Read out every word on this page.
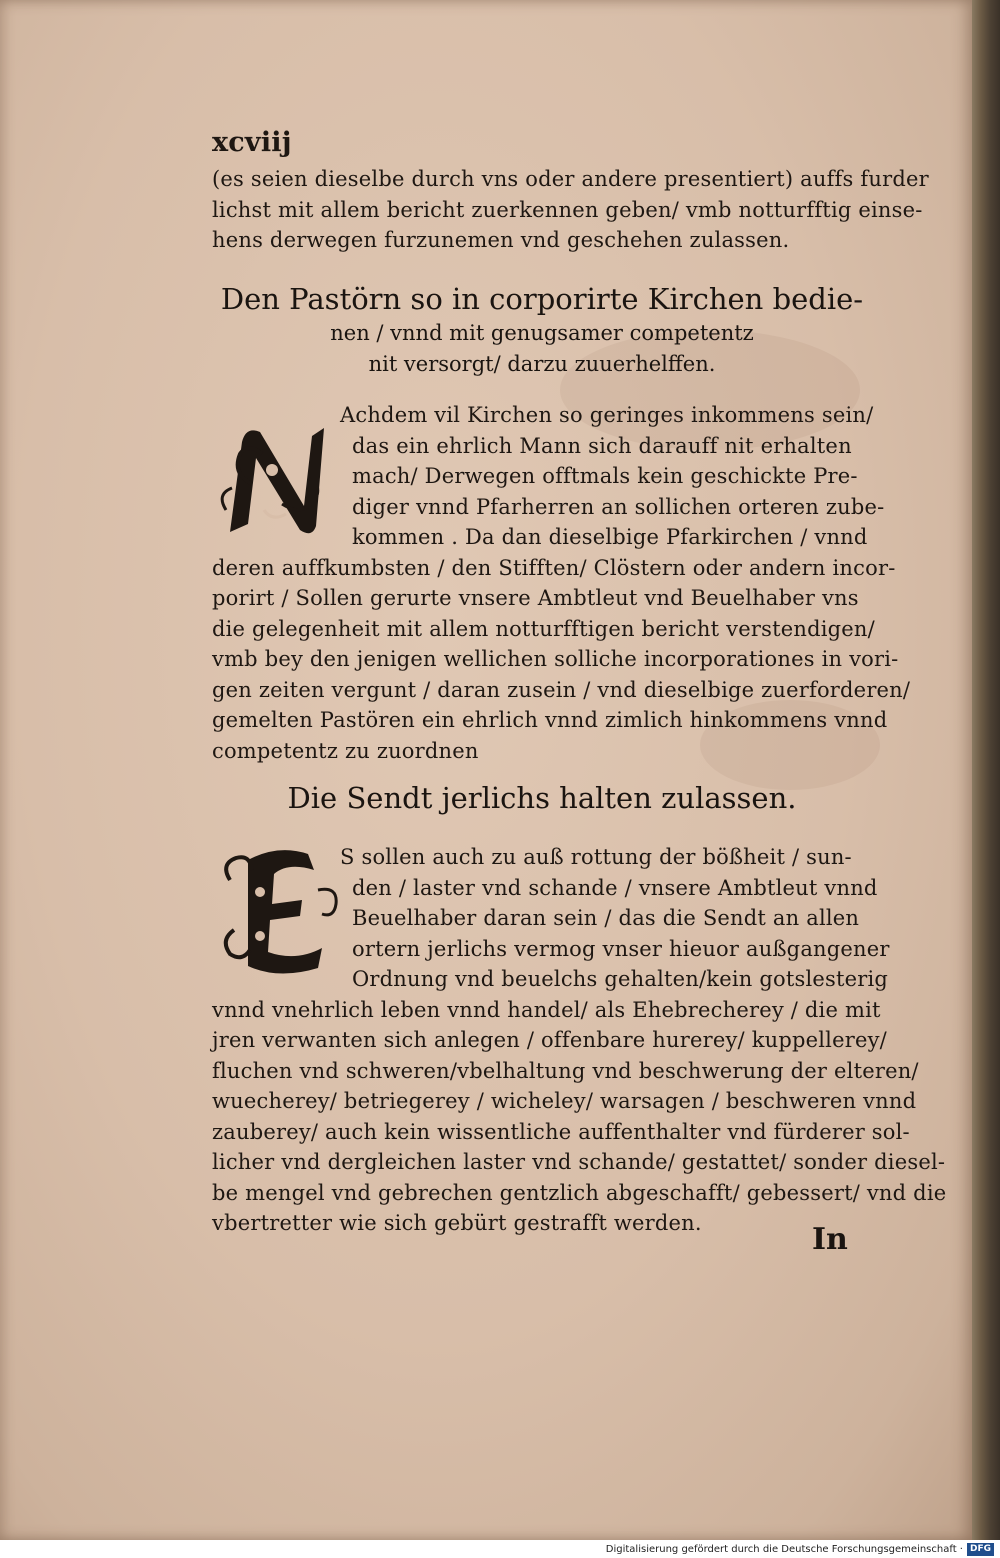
xcviij
(es seien dieselbe durch vns oder andere presentiert) auffs furder
lichst mit allem bericht zuerkennen geben/ vmb notturfftig einse-
hens derwegen furzunemen vnd geschehen zulassen.
Den Pastörn so in corporirte Kirchen bedie-
nen / vnnd mit genugsamer competentz
nit versorgt/ darzu zuuerhelffen.
Achdem vil Kirchen so geringes inkommens sein/
das ein ehrlich Mann sich darauff nit erhalten
mach/ Derwegen offtmals kein geschickte Pre-
diger vnnd Pfarherren an sollichen orteren zube-
kommen . Da dan dieselbige Pfarkirchen / vnnd
deren auffkumbsten / den Stifften/ Clöstern oder andern incor-
porirt / Sollen gerurte vnsere Ambtleut vnd Beuelhaber vns
die gelegenheit mit allem notturfftigen bericht verstendigen/
vmb bey den jenigen wellichen solliche incorporationes in vori-
gen zeiten vergunt / daran zusein / vnd dieselbige zuerforderen/
gemelten Pastören ein ehrlich vnnd zimlich hinkommens vnnd
competentz zu zuordnen
Die Sendt jerlichs halten zulassen.
S sollen auch zu auß rottung der bößheit / sun-
den / laster vnd schande / vnsere Ambtleut vnnd
Beuelhaber daran sein / das die Sendt an allen
ortern jerlichs vermog vnser hieuor außgangener
Ordnung vnd beuelchs gehalten/kein gotslesterig
vnnd vnehrlich leben vnnd handel/ als Ehebrecherey / die mit
jren verwanten sich anlegen / offenbare hurerey/ kuppellerey/
fluchen vnd schweren/vbelhaltung vnd beschwerung der elteren/
wuecherey/ betriegerey / wicheley/ warsagen / beschweren vnnd
zauberey/ auch kein wissentliche auffenthalter vnd fürderer sol-
licher vnd dergleichen laster vnd schande/ gestattet/ sonder diesel-
be mengel vnd gebrechen gentzlich abgeschafft/ gebessert/ vnd die
vbertretter wie sich gebürt gestrafft werden.	In
Digitalisierung gefördert durch die Deutsche Forschungsgemeinschaft · DFG
